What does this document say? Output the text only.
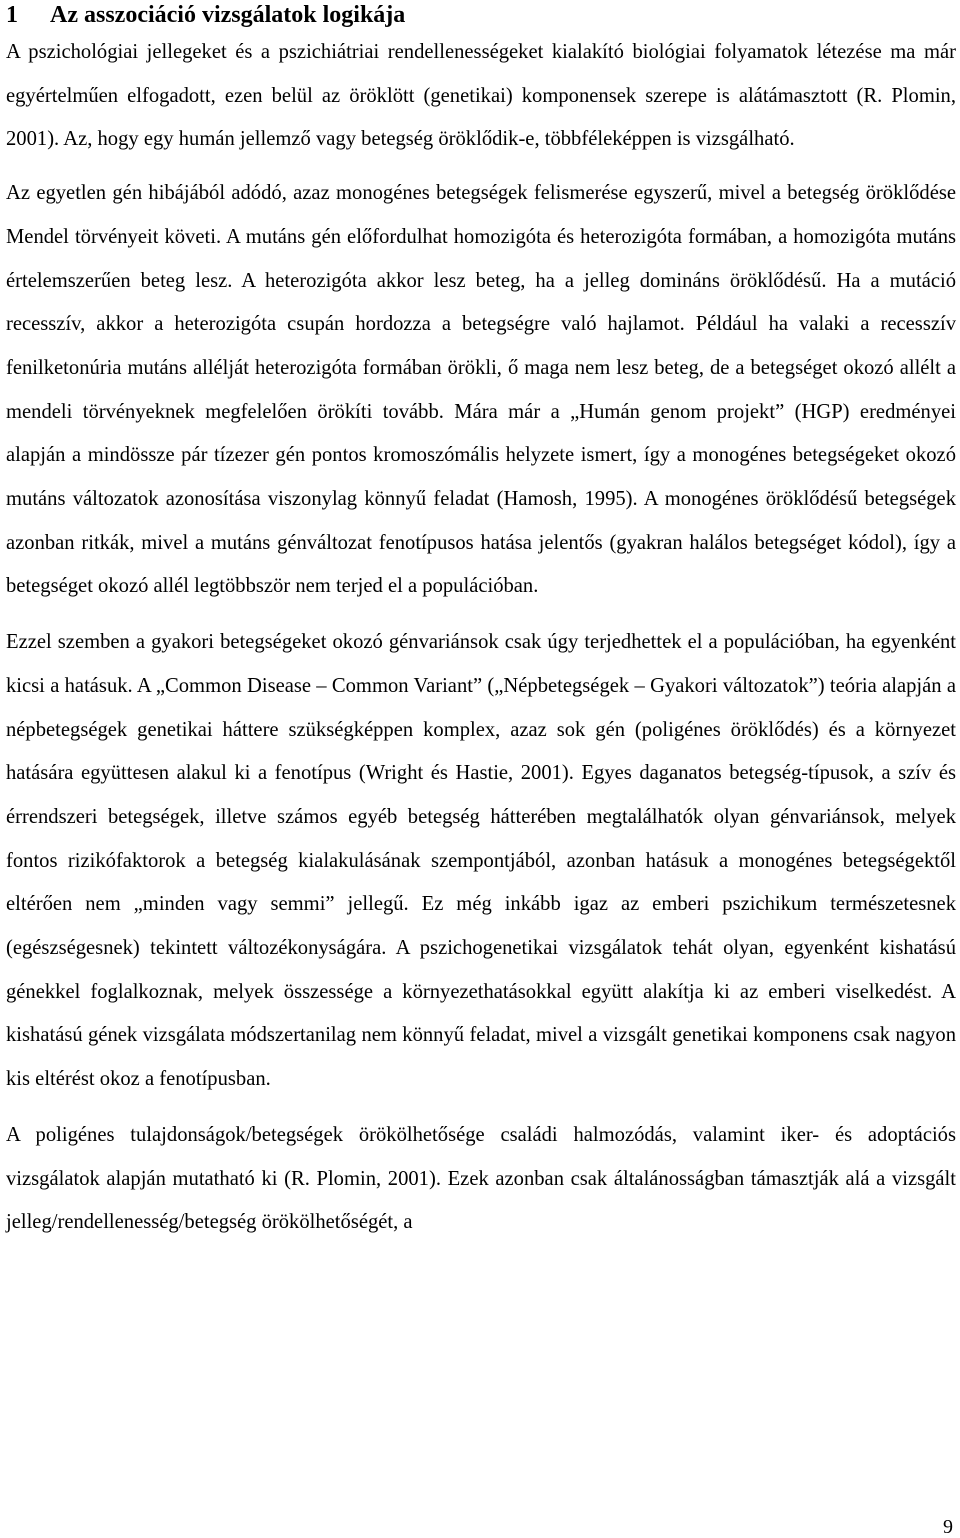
1 Az asszociáció vizsgálatok logikája

A pszichológiai jellegeket és a pszichiátriai rendellenességeket kialakító biológiai folyamatok létezése ma már egyértelműen elfogadott, ezen belül az öröklött (genetikai) komponensek szerepe is alátámasztott (R. Plomin, 2001). Az, hogy egy humán jellemző vagy betegség öröklődik-e, többféleképpen is vizsgálható.

Az egyetlen gén hibájából adódó, azaz monogénes betegségek felismerése egyszerű, mivel a betegség öröklődése Mendel törvényeit követi. A mutáns gén előfordulhat homozigóta és heterozigóta formában, a homozigóta mutáns értelemszerűen beteg lesz. A heterozigóta akkor lesz beteg, ha a jelleg domináns öröklődésű. Ha a mutáció recesszív, akkor a heterozigóta csupán hordozza a betegségre való hajlamot. Például ha valaki a recesszív fenilketonúria mutáns allélját heterozigóta formában örökli, ő maga nem lesz beteg, de a betegséget okozó allélt a mendeli törvényeknek megfelelően örökíti tovább. Mára már a „Humán genom projekt” (HGP) eredményei alapján a mindössze pár tízezer gén pontos kromoszómális helyzete ismert, így a monogénes betegségeket okozó mutáns változatok azonosítása viszonylag könnyű feladat (Hamosh, 1995). A monogénes öröklődésű betegségek azonban ritkák, mivel a mutáns génváltozat fenotípusos hatása jelentős (gyakran halálos betegséget kódol), így a betegséget okozó allél legtöbbször nem terjed el a populációban.

Ezzel szemben a gyakori betegségeket okozó génvariánsok csak úgy terjedhettek el a populációban, ha egyenként kicsi a hatásuk. A „Common Disease – Common Variant” („Népbetegségek – Gyakori változatok”) teória alapján a népbetegségek genetikai háttere szükségképpen komplex, azaz sok gén (poligénes öröklődés) és a környezet hatására együttesen alakul ki a fenotípus (Wright és Hastie, 2001). Egyes daganatos betegség-típusok, a szív és érrendszeri betegségek, illetve számos egyéb betegség hátterében megtalálhatók olyan génvariánsok, melyek fontos rizikófaktorok a betegség kialakulásának szempontjából, azonban hatásuk a monogénes betegségektől eltérően nem „minden vagy semmi” jellegű. Ez még inkább igaz az emberi pszichikum természetesnek (egészségesnek) tekintett változékonyságára. A pszichogenetikai vizsgálatok tehát olyan, egyenként kishatású génekkel foglalkoznak, melyek összessége a környezethatásokkal együtt alakítja ki az emberi viselkedést. A kishatású gének vizsgálata módszertanilag nem könnyű feladat, mivel a vizsgált genetikai komponens csak nagyon kis eltérést okoz a fenotípusban.

A poligénes tulajdonságok/betegségek örökölhetősége családi halmozódás, valamint iker- és adoptációs vizsgálatok alapján mutatható ki (R. Plomin, 2001). Ezek azonban csak általánosságban támasztják alá a vizsgált jelleg/rendellenesség/betegség örökölhetőségét, a

9
